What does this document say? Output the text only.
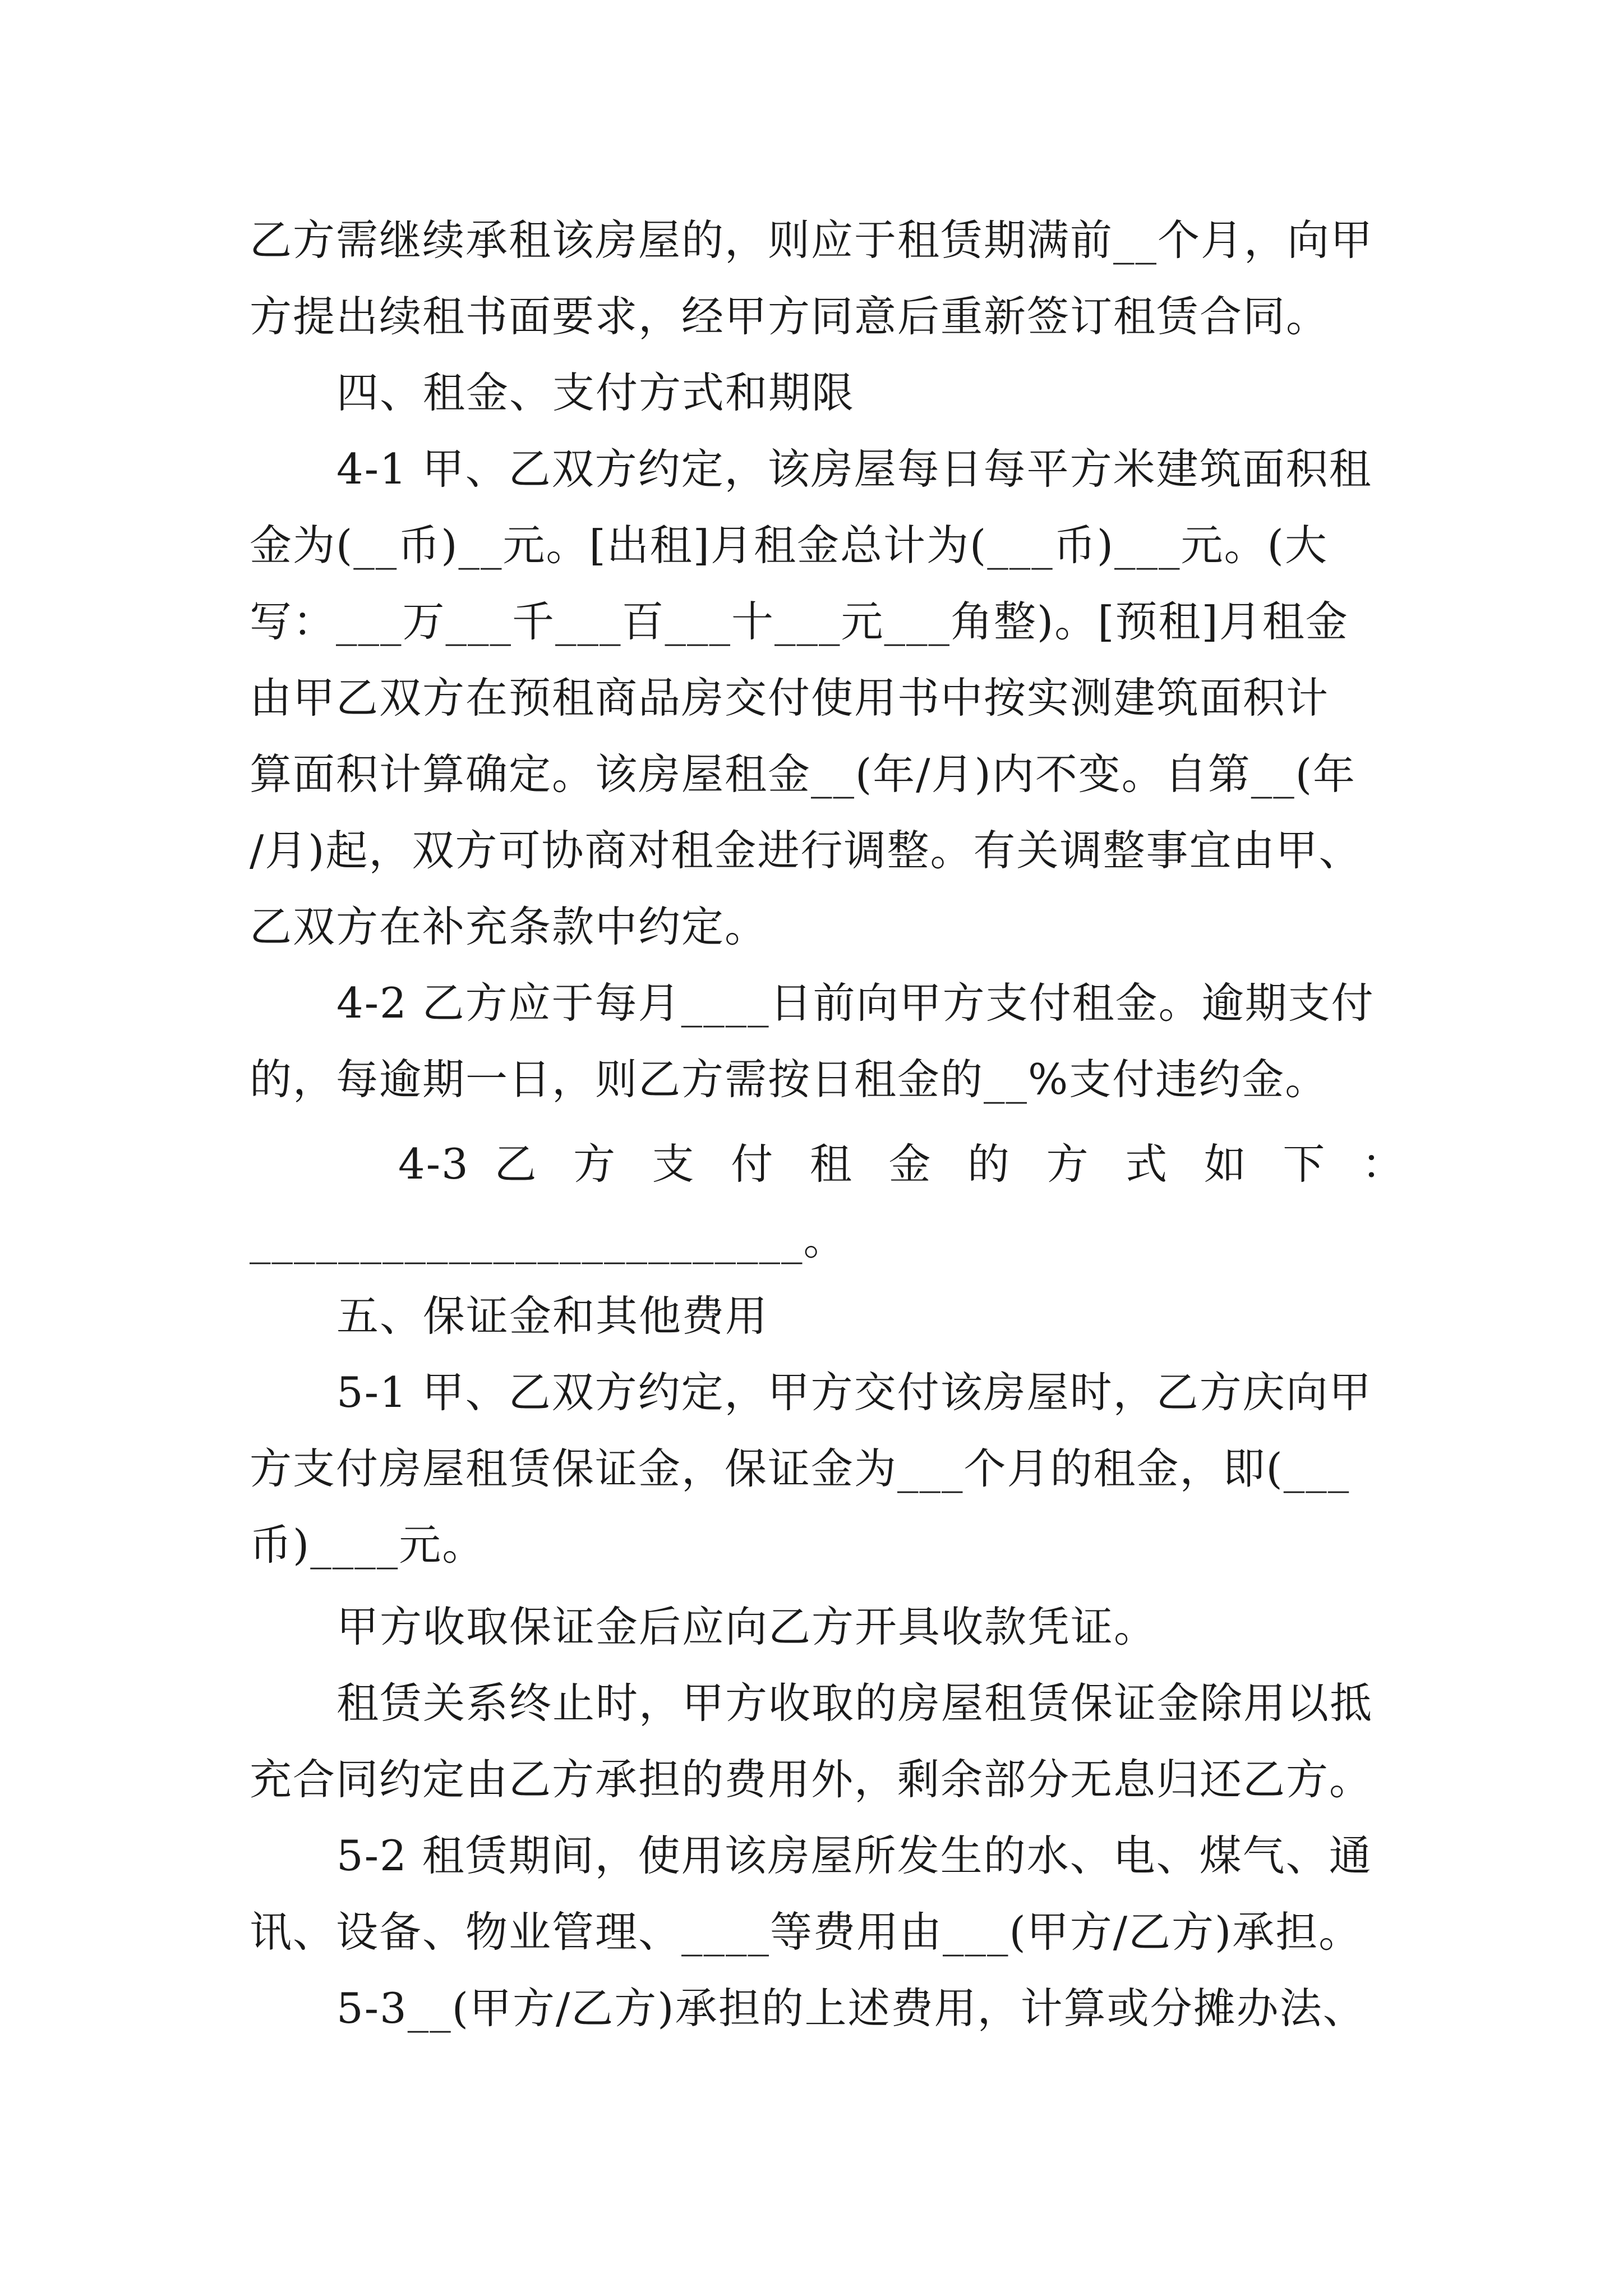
乙方需继续承租该房屋的，则应于租赁期满前__个月，向甲
方提出续租书面要求，经甲方同意后重新签订租赁合同。
四、租金、支付方式和期限
4-1 甲、乙双方约定，该房屋每日每平方米建筑面积租
金为(__币)__元。[出租]月租金总计为(___币)___元。(大
写：___万___千___百___十___元___角整)。[预租]月租金
由甲乙双方在预租商品房交付使用书中按实测建筑面积计
算面积计算确定。该房屋租金__(年/月)内不变。自第__(年
/月)起，双方可协商对租金进行调整。有关调整事宜由甲、
乙双方在补充条款中约定。
4-2 乙方应于每月____日前向甲方支付租金。逾期支付
的，每逾期一日，则乙方需按日租金的__%支付违约金。
4-3 乙 方 支 付 租 金 的 方 式 如 下 ：
_________________________。
五、保证金和其他费用
5-1 甲、乙双方约定，甲方交付该房屋时，乙方庆向甲
方支付房屋租赁保证金，保证金为___个月的租金，即(___
币)____元。
甲方收取保证金后应向乙方开具收款凭证。
租赁关系终止时，甲方收取的房屋租赁保证金除用以抵
充合同约定由乙方承担的费用外，剩余部分无息归还乙方。
5-2 租赁期间，使用该房屋所发生的水、电、煤气、通
讯、设备、物业管理、____等费用由___(甲方/乙方)承担。
5-3__(甲方/乙方)承担的上述费用，计算或分摊办法、
